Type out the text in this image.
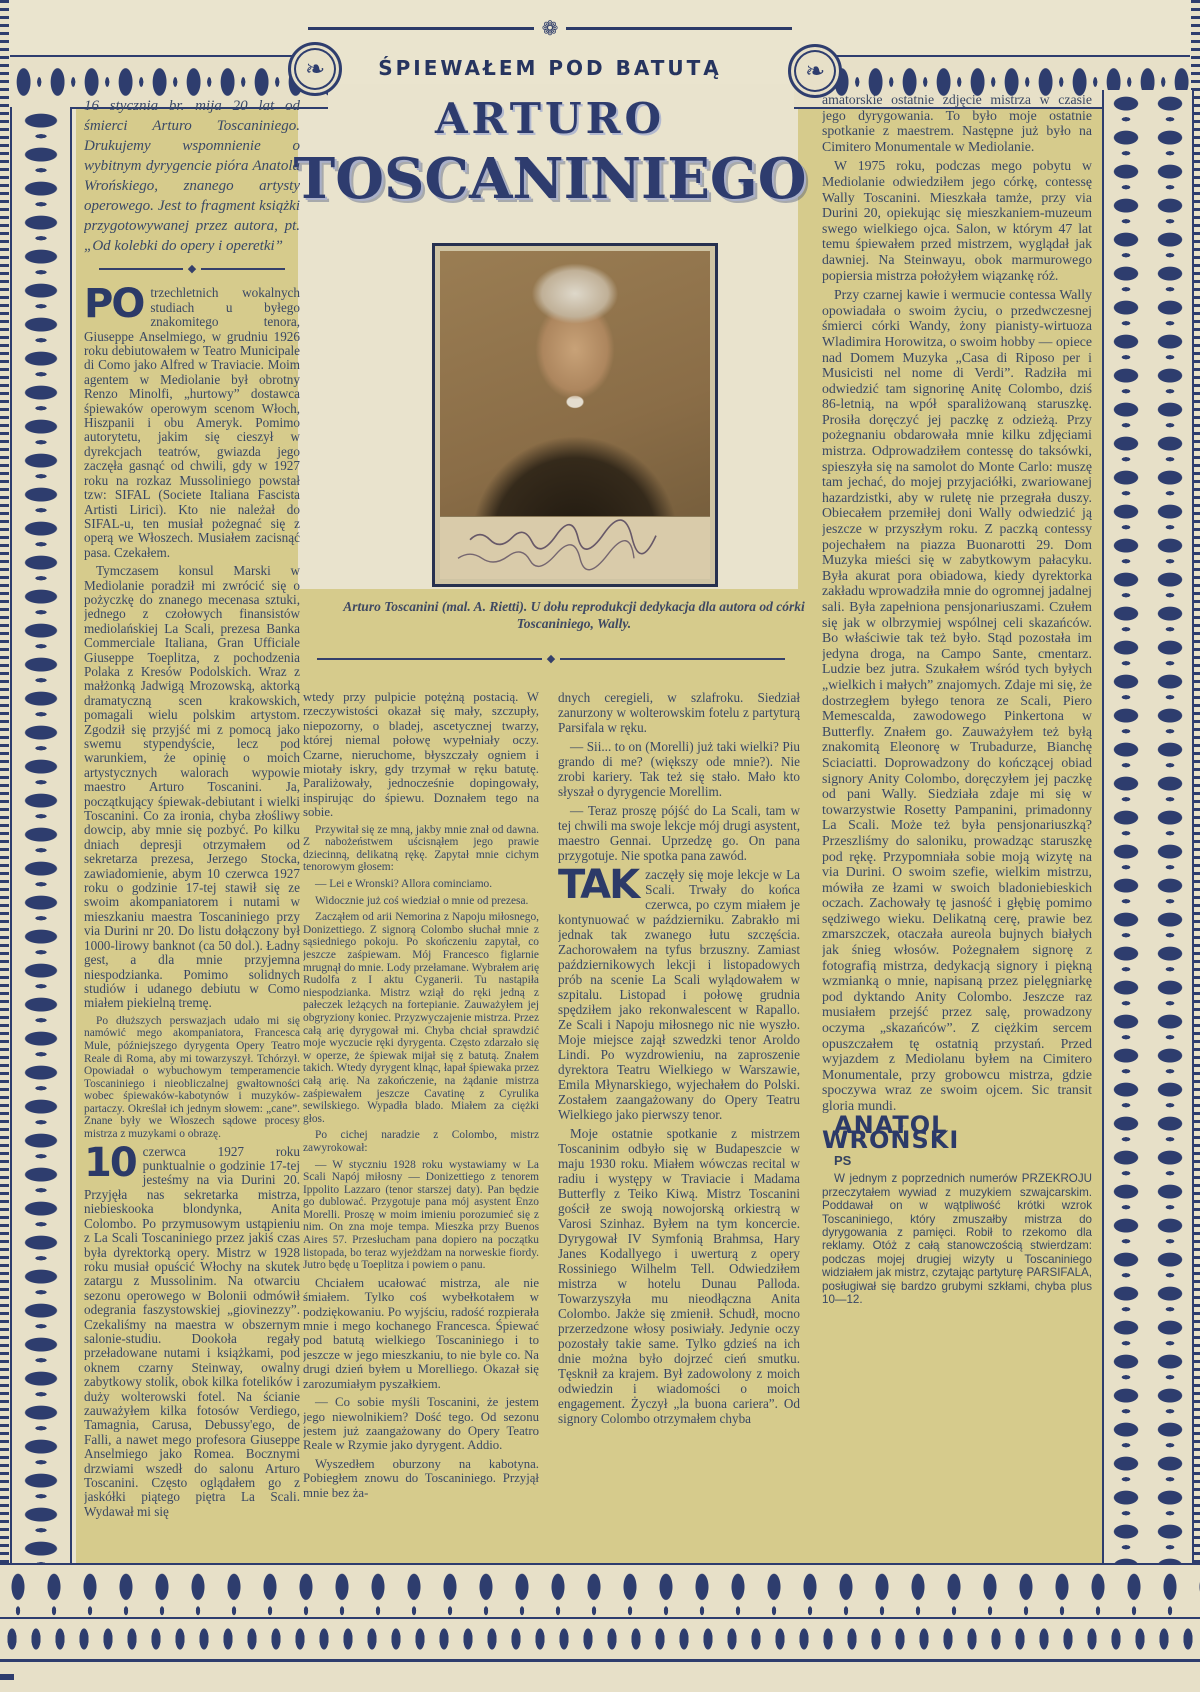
❧	❧
❁
ŚPIEWAŁEM POD BATUTĄ
ARTURO
TOSCANINIEGO
Arturo Toscanini (mal. A. Rietti). U dołu reprodukcji dedykacja dla autora od córki Toscaniniego, Wally.
◆

16 stycznia br. mija 20 lat od śmierci Arturo Toscaniniego. Drukujemy wspomnienie o wybitnym dyrygencie pióra Anatola Wrońskiego, znanego artysty operowego. Jest to fragment książki przygotowywanej przez autora, pt. „Od kolebki do opery i operetki”

◆

PO trzechletnich wokalnych studiach u byłego znakomitego tenora, Giuseppe Anselmiego, w grudniu 1926 roku debiutowałem w Teatro Municipale di Como jako Alfred w Traviacie. Moim agentem w Mediolanie był obrotny Renzo Minolfi, „hurtowy” dostawca śpiewaków operowym scenom Włoch, Hiszpanii i obu Ameryk. Pomimo autorytetu, jakim się cieszył w dyrekcjach teatrów, gwiazda jego zaczęła gasnąć od chwili, gdy w 1927 roku na rozkaz Mussoliniego powstał tzw: SIFAL (Societe Italiana Fascista Artisti Lirici). Kto nie należał do SIFAL-u, ten musiał pożegnać się z operą we Włoszech. Musiałem zacisnąć pasa. Czekałem.

Tymczasem konsul Marski w Mediolanie poradził mi zwrócić się o pożyczkę do znanego mecenasa sztuki, jednego z czołowych finansistów mediolańskiej La Scali, prezesa Banka Commerciale Italiana, Gran Ufficiale Giuseppe Toeplitza, z pochodzenia Polaka z Kresów Podolskich. Wraz z małżonką Jadwigą Mrozowską, aktorką dramatyczną scen krakowskich, pomagali wielu polskim artystom. Zgodził się przyjść mi z pomocą jako swemu stypendyście, lecz pod warunkiem, że opinię o moich artystycznych walorach wypowie maestro Arturo Toscanini. Ja, początkujący śpiewak-debiutant i wielki Toscanini. Co za ironia, chyba złośliwy dowcip, aby mnie się pozbyć. Po kilku dniach depresji otrzymałem od sekretarza prezesa, Jerzego Stocka, zawiadomienie, abym 10 czerwca 1927 roku o godzinie 17-tej stawił się ze swoim akompaniatorem i nutami w mieszkaniu maestra Toscaniniego przy via Durini nr 20. Do listu dołączony był 1000-lirowy banknot (ca 50 dol.). Ładny gest, a dla mnie przyjemna niespodzianka. Pomimo solidnych studiów i udanego debiutu w Como miałem piekielną tremę.

Po dłuższych perswazjach udało mi się namówić mego akompaniatora, Francesca Mule, późniejszego dyrygenta Opery Teatro Reale di Roma, aby mi towarzyszył. Tchórzył. Opowiadał o wybuchowym temperamencie Toscaniniego i nieobliczalnej gwałtowności wobec śpiewaków-kabotynów i muzyków-partaczy. Określał ich jednym słowem: „cane”. Znane były we Włoszech sądowe procesy mistrza z muzykami o obrazę.

10 czerwca 1927 roku punktualnie o godzinie 17-tej jesteśmy na via Durini 20. Przyjęła nas sekretarka mistrza, niebieskooka blondynka, Anita Colombo. Po przymusowym ustąpieniu z La Scali Toscaniniego przez jakiś czas była dyrektorką opery. Mistrz w 1928 roku musiał opuścić Włochy na skutek zatargu z Mussolinim. Na otwarciu sezonu operowego w Bolonii odmówił odegrania faszystowskiej „giovinezzy”. Czekaliśmy na maestra w obszernym salonie-studiu. Dookoła regały przeładowane nutami i książkami, pod oknem czarny Steinway, owalny zabytkowy stolik, obok kilka fotelików i duży wolterowski fotel. Na ścianie zauważyłem kilka fotosów Verdiego, Tamagnia, Carusa, Debussy'ego, de Falli, a nawet mego profesora Giuseppe Anselmiego jako Romea. Bocznymi drzwiami wszedł do salonu Arturo Toscanini. Często oglądałem go z jaskółki piątego piętra La Scali. Wydawał mi się

wtedy przy pulpicie potężną postacią. W rzeczywistości okazał się mały, szczupły, niepozorny, o bladej, ascetycznej twarzy, której niemal połowę wypełniały oczy. Czarne, nieruchome, błyszczały ogniem i miotały iskry, gdy trzymał w ręku batutę. Paraliżowały, jednocześnie dopingowały, inspirując do śpiewu. Doznałem tego na sobie.

Przywitał się ze mną, jakby mnie znał od dawna. Z nabożeństwem uścisnąłem jego prawie dziecinną, delikatną rękę. Zapytał mnie cichym tenorowym głosem:

— Lei e Wronski? Allora cominciamo.

Widocznie już coś wiedział o mnie od prezesa.

Zacząłem od arii Nemorina z Napoju miłosnego, Donizettiego. Z signorą Colombo słuchał mnie z sąsiedniego pokoju. Po skończeniu zapytał, co jeszcze zaśpiewam. Mój Francesco figlarnie mrugnął do mnie. Lody przełamane. Wybrałem arię Rudolfa z I aktu Cyganerii. Tu nastąpiła niespodzianka. Mistrz wziął do ręki jedną z pałeczek leżących na fortepianie. Zauważyłem jej obgryziony koniec. Przyzwyczajenie mistrza. Przez całą arię dyrygował mi. Chyba chciał sprawdzić moje wyczucie ręki dyrygenta. Często zdarzało się w operze, że śpiewak mijał się z batutą. Znałem takich. Wtedy dyrygent klnąc, łapał śpiewaka przez całą arię. Na zakończenie, na żądanie mistrza zaśpiewałem jeszcze Cavatinę z Cyrulika sewilskiego. Wypadła blado. Miałem za ciężki głos.

Po cichej naradzie z Colombo, mistrz zawyrokował:

— W styczniu 1928 roku wystawiamy w La Scali Napój miłosny — Donizettiego z tenorem Ippolito Lazzaro (tenor starszej daty). Pan będzie go dublować. Przygotuje pana mój asystent Enzo Morelli. Proszę w moim imieniu porozumieć się z nim. On zna moje tempa. Mieszka przy Buenos Aires 57. Przesłucham pana dopiero na początku listopada, bo teraz wyjeżdżam na norweskie fiordy. Jutro będę u Toeplitza i powiem o panu.

Chciałem ucałować mistrza, ale nie śmiałem. Tylko coś wybełkotałem w podziękowaniu. Po wyjściu, radość rozpierała mnie i mego kochanego Francesca. Śpiewać pod batutą wielkiego Toscaniniego i to jeszcze w jego mieszkaniu, to nie byle co. Na drugi dzień byłem u Morelliego. Okazał się zarozumiałym pyszałkiem.

— Co sobie myśli Toscanini, że jestem jego niewolnikiem? Dość tego. Od sezonu jestem już zaangażowany do Opery Teatro Reale w Rzymie jako dyrygent. Addio.

Wyszedłem oburzony na kabotyna. Pobiegłem znowu do Toscaniniego. Przyjął mnie bez ża-

dnych ceregieli, w szlafroku. Siedział zanurzony w wolterowskim fotelu z partyturą Parsifala w ręku.

— Sii... to on (Morelli) już taki wielki? Piu grando di me? (większy ode mnie?). Nie zrobi kariery. Tak też się stało. Mało kto słyszał o dyrygencie Morellim.

— Teraz proszę pójść do La Scali, tam w tej chwili ma swoje lekcje mój drugi asystent, maestro Gennai. Uprzedzę go. On pana przygotuje. Nie spotka pana zawód.

TAK zaczęły się moje lekcje w La Scali. Trwały do końca czerwca, po czym miałem je kontynuować w październiku. Zabrakło mi jednak tak zwanego łutu szczęścia. Zachorowałem na tyfus brzuszny. Zamiast październikowych lekcji i listopadowych prób na scenie La Scali wylądowałem w szpitalu. Listopad i połowę grudnia spędziłem jako rekonwalescent w Rapallo. Ze Scali i Napoju miłosnego nic nie wyszło. Moje miejsce zajął szwedzki tenor Aroldo Lindi. Po wyzdrowieniu, na zaproszenie dyrektora Teatru Wielkiego w Warszawie, Emila Młynarskiego, wyjechałem do Polski. Zostałem zaangażowany do Opery Teatru Wielkiego jako pierwszy tenor.

Moje ostatnie spotkanie z mistrzem Toscaninim odbyło się w Budapeszcie w maju 1930 roku. Miałem wówczas recital w radiu i występy w Traviacie i Madama Butterfly z Teiko Kiwą. Mistrz Toscanini gościł ze swoją nowojorską orkiestrą w Varosi Szinhaz. Byłem na tym koncercie. Dyrygował IV Symfonią Brahmsa, Hary Janes Kodallyego i uwerturą z opery Rossiniego Wilhelm Tell. Odwiedziłem mistrza w hotelu Dunau Palloda. Towarzyszyła mu nieodłączna Anita Colombo. Jakże się zmienił. Schudł, mocno przerzedzone włosy posiwiały. Jedynie oczy pozostały takie same. Tylko gdzieś na ich dnie można było dojrzeć cień smutku. Tęsknił za krajem. Był zadowolony z moich odwiedzin i wiadomości o moich engagement. Życzył „la buona cariera”. Od signory Colombo otrzymałem chyba

amatorskie ostatnie zdjęcie mistrza w czasie jego dyrygowania. To było moje ostatnie spotkanie z maestrem. Następne już było na Cimitero Monumentale w Mediolanie.

W 1975 roku, podczas mego pobytu w Mediolanie odwiedziłem jego córkę, contessę Wally Toscanini. Mieszkała tamże, przy via Durini 20, opiekując się mieszkaniem-muzeum swego wielkiego ojca. Salon, w którym 47 lat temu śpiewałem przed mistrzem, wyglądał jak dawniej. Na Steinwayu, obok marmurowego popiersia mistrza położyłem wiązankę róż.

Przy czarnej kawie i wermucie contessa Wally opowiadała o swoim życiu, o przedwczesnej śmierci córki Wandy, żony pianisty-wirtuoza Wladimira Horowitza, o swoim hobby — opiece nad Domem Muzyka „Casa di Riposo per i Musicisti nel nome di Verdi”. Radziła mi odwiedzić tam signorinę Anitę Colombo, dziś 86-letnią, na wpół sparaliżowaną staruszkę. Prosiła doręczyć jej paczkę z odzieżą. Przy pożegnaniu obdarowała mnie kilku zdjęciami mistrza. Odprowadziłem contessę do taksówki, spieszyła się na samolot do Monte Carlo: muszę tam jechać, do mojej przyjaciółki, zwariowanej hazardzistki, aby w ruletę nie przegrała duszy. Obiecałem przemiłej doni Wally odwiedzić ją jeszcze w przyszłym roku. Z paczką contessy pojechałem na piazza Buonarotti 29. Dom Muzyka mieści się w zabytkowym pałacyku. Była akurat pora obiadowa, kiedy dyrektorka zakładu wprowadziła mnie do ogromnej jadalnej sali. Była zapełniona pensjonariuszami. Czułem się jak w olbrzymiej wspólnej celi skazańców. Bo właściwie tak też było. Stąd pozostała im jedyna droga, na Campo Sante, cmentarz. Ludzie bez jutra. Szukałem wśród tych byłych „wielkich i małych” znajomych. Zdaje mi się, że dostrzegłem byłego tenora ze Scali, Piero Memescalda, zawodowego Pinkertona w Butterfly. Znałem go. Zauważyłem też byłą znakomitą Eleonorę w Trubadurze, Bianchę Sciaciatti. Doprowadzony do kończącej obiad signory Anity Colombo, doręczyłem jej paczkę od pani Wally. Siedziała zdaje mi się w towarzystwie Rosetty Pampanini, primadonny La Scali. Może też była pensjonariuszką? Przeszliśmy do saloniku, prowadząc staruszkę pod rękę. Przypomniała sobie moją wizytę na via Durini. O swoim szefie, wielkim mistrzu, mówiła ze łzami w swoich bladoniebieskich oczach. Zachowały tę jasność i głębię pomimo sędziwego wieku. Delikatną cerę, prawie bez zmarszczek, otaczała aureola bujnych białych jak śnieg włosów. Pożegnałem signorę z fotografią mistrza, dedykacją signory i piękną wzmianką o mnie, napisaną przez pielęgniarkę pod dyktando Anity Colombo. Jeszcze raz musiałem przejść przez salę, prowadzony oczyma „skazańców”. Z ciężkim sercem opuszczałem tę ostatnią przystań. Przed wyjazdem z Mediolanu byłem na Cimitero Monumentale, przy grobowcu mistrza, gdzie spoczywa wraz ze swoim ojcem. Sic transit gloria mundi.

ANATOL WROŃSKI

PS

W jednym z poprzednich numerów PRZEKROJU przeczytałem wywiad z muzykiem szwajcarskim. Poddawał on w wątpliwość krótki wzrok Toscaniniego, który zmuszałby mistrza do dyrygowania z pamięci. Robił to rzekomo dla reklamy. Otóż z całą stanowczością stwierdzam: podczas mojej drugiej wizyty u Toscaniniego widziałem jak mistrz, czytając partyturę PARSIFALA, posługiwał się bardzo grubymi szkłami, chyba plus 10—12.
